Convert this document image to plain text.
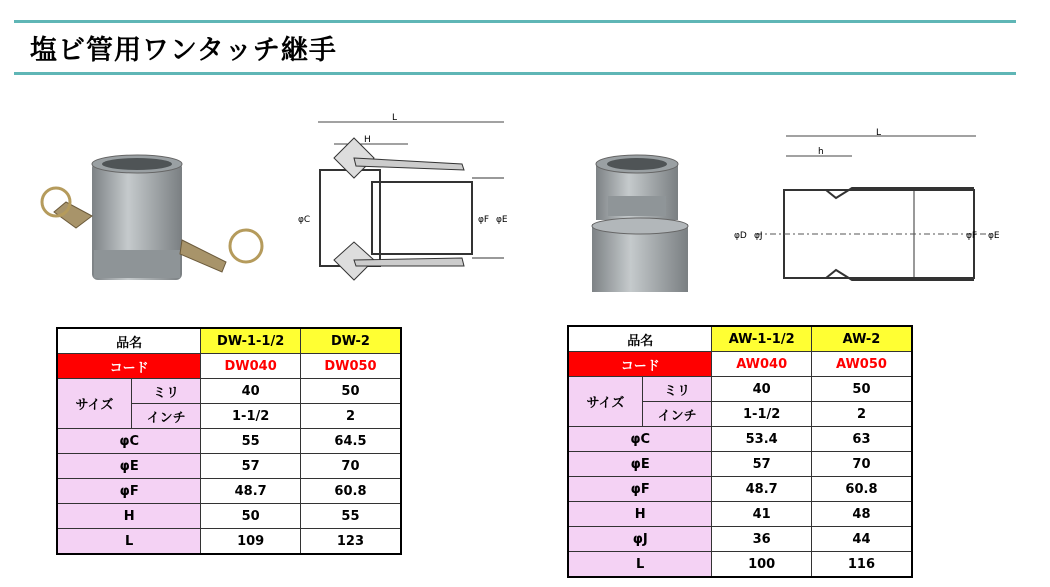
塩ビ管用ワンタッチ継手
L
H
φC	φF φE
L
h
φD φJ	φF φE
品名		DW-1-1/2	DW-2
コード		DW040	DW050
サイズ	ミリ	40	50
	インチ	1-1/2	2
φC		55	64.5
φE		57	70
φF		48.7	60.8
H		50	55
L		109	123
品名		AW-1-1/2	AW-2
コード		AW040	AW050
サイズ	ミリ	40	50
	インチ	1-1/2	2
φC		53.4	63
φE		57	70
φF		48.7	60.8
H		41	48
φJ		36	44
L		100	116
